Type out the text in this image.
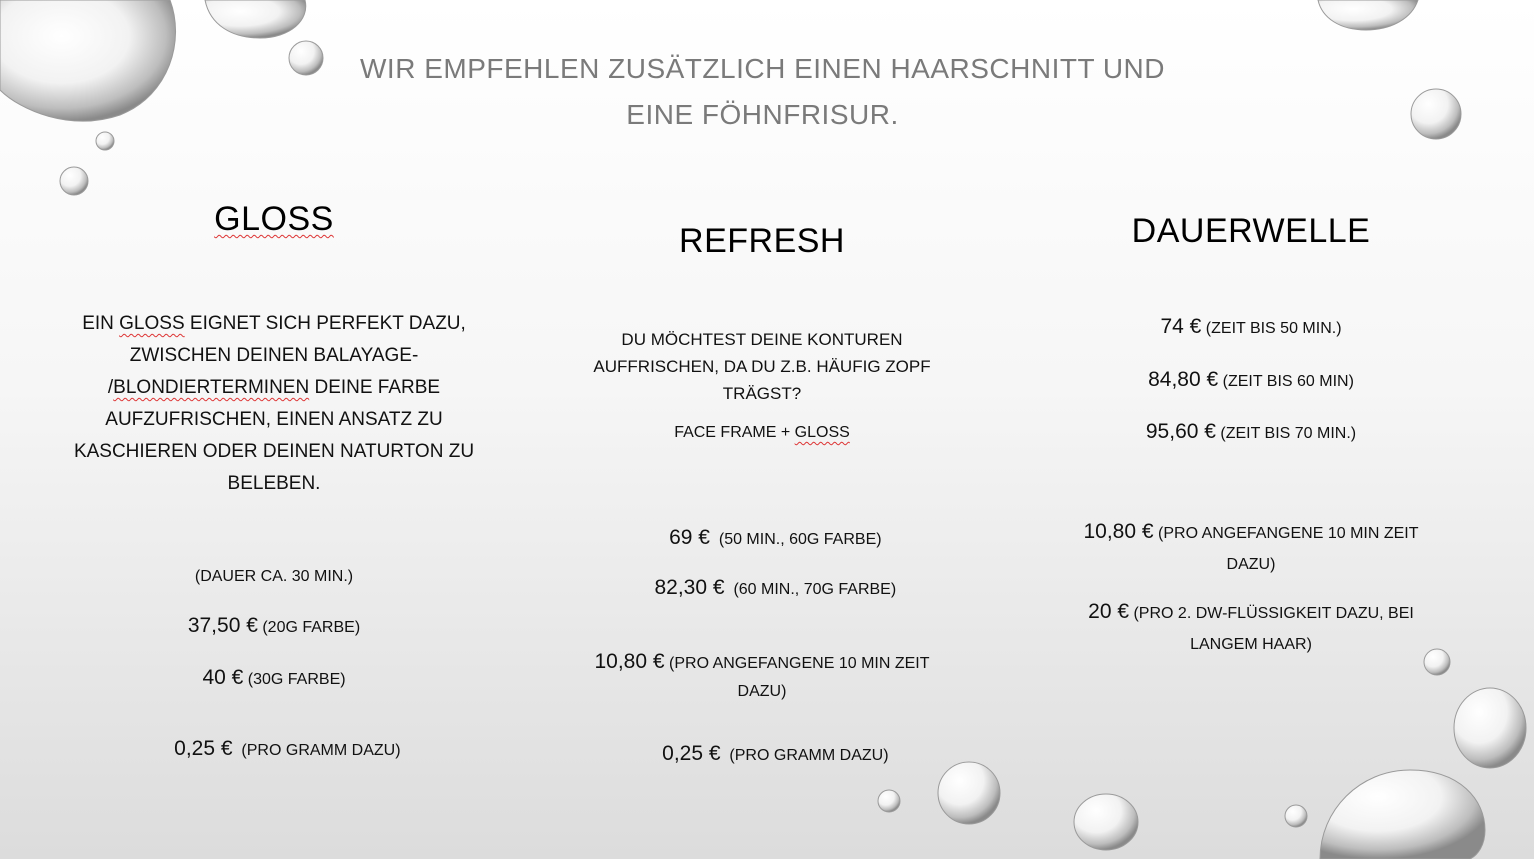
WIR EMPFEHLEN ZUSÄTZLICH EINEN HAARSCHNITT UND
EINE FÖHNFRISUR.
GLOSS
EIN GLOSS EIGNET SICH PERFEKT DAZU,
ZWISCHEN DEINEN BALAYAGE-
/BLONDIERTERMINEN DEINE FARBE
AUFZUFRISCHEN, EINEN ANSATZ ZU
KASCHIEREN ODER DEINEN NATURTON ZU
BELEBEN.
(DAUER CA. 30 MIN.)
37,50 € (20G FARBE)
40 € (30G FARBE)

0,25 €  (PRO GRAMM DAZU)

REFRESH
DU MÖCHTEST DEINE KONTUREN
AUFFRISCHEN, DA DU Z.B. HÄUFIG ZOPF
TRÄGST?
FACE FRAME + GLOSS

69 €  (50 MIN., 60G FARBE)

82,30 €  (60 MIN., 70G FARBE)

10,80 € (PRO ANGEFANGENE 10 MIN ZEIT
DAZU)

0,25 €  (PRO GRAMM DAZU)

DAUERWELLE
74 € (ZEIT BIS 50 MIN.)
84,80 € (ZEIT BIS 60 MIN)
95,60 € (ZEIT BIS 70 MIN.)
10,80 € (PRO ANGEFANGENE 10 MIN ZEIT
DAZU)
20 € (PRO 2. DW-FLÜSSIGKEIT DAZU, BEI
LANGEM HAAR)
